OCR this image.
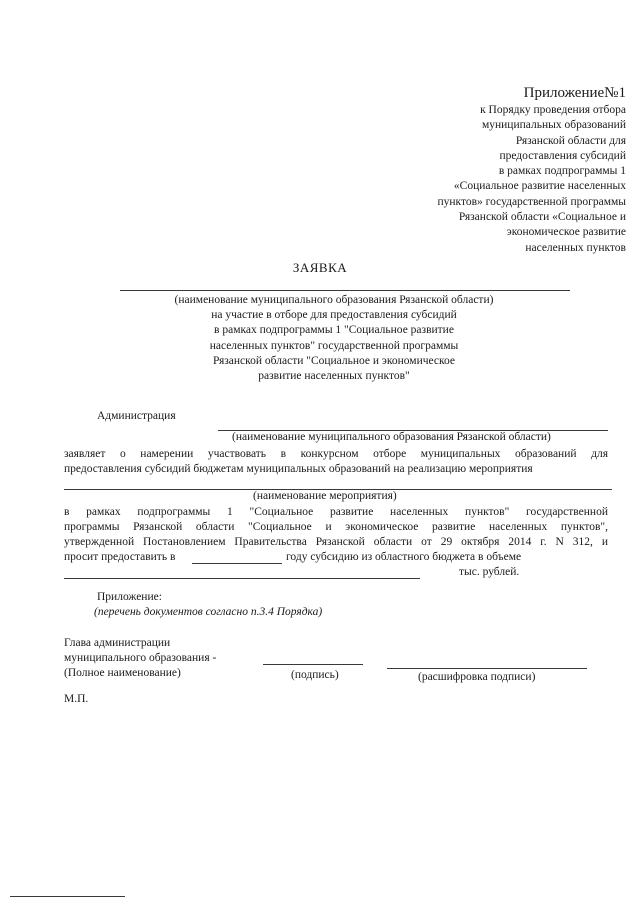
Приложение№1
к Порядку проведения отбора
муниципальных образований
Рязанской области для
предоставления субсидий
в рамках подпрограммы 1
«Социальное развитие населенных
пунктов» государственной программы
Рязанской области «Социальное и
экономическое развитие
населенных пунктов
ЗАЯВКА
(наименование муниципального образования Рязанской области)
на участие в отборе для предоставления субсидий
в рамках подпрограммы 1 "Социальное развитие
населенных пунктов" государственной программы
Рязанской области "Социальное и экономическое
развитие населенных пунктов"
Администрация
(наименование муниципального образования Рязанской области)
заявляет о намерении участвовать в конкурсном отборе муниципальных образований для
предоставления субсидий бюджетам муниципальных образований на реализацию мероприятия
(наименование мероприятия)
в рамках подпрограммы 1 "Социальное развитие населенных пунктов" государственной
программы Рязанской области "Социальное и экономическое развитие населенных пунктов",
утвержденной Постановлением Правительства Рязанской области от 29 октября 2014 г. N 312, и
просит предоставить в	году субсидию из областного бюджета в объеме
тыс. рублей.
Приложение:
(перечень документов согласно п.3.4 Порядка)
Глава администрации
муниципального образования -
(Полное наименование)	(подпись)	(расшифровка подписи)
М.П.
